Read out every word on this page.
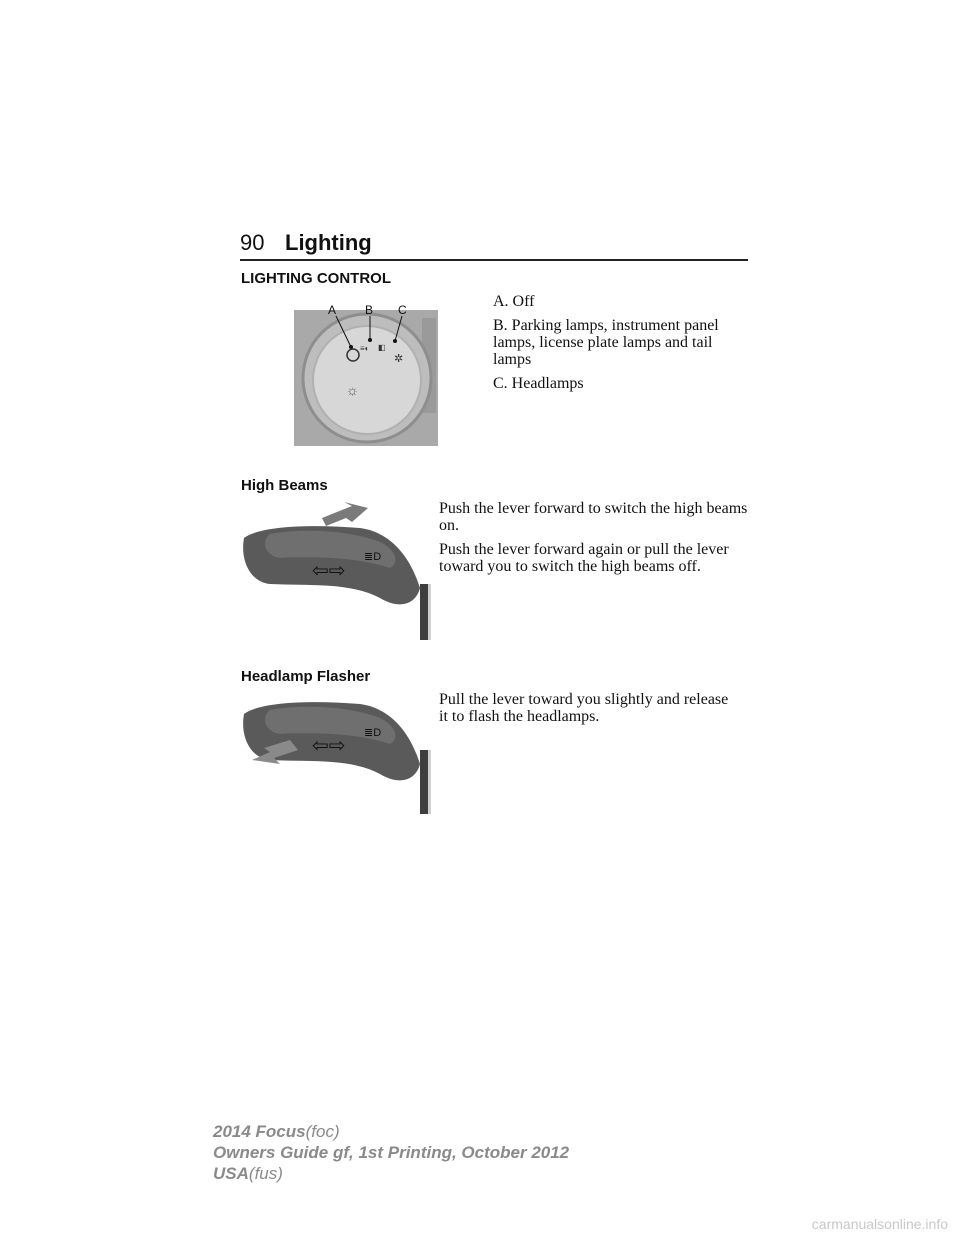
90 Lighting
LIGHTING CONTROL
≡◐ ◧
✲
☼
A B C	A. Off
B. Parking lamps, instrument panel lamps, license plate lamps and tail lamps
C. Headlamps
High Beams
⇦⇨
≣D
Push the lever forward to switch the high beams on.
Push the lever forward again or pull the lever toward you to switch the high beams off.
Headlamp Flasher
⇦⇨
≣D
Pull the lever toward you slightly and release it to flash the headlamps.
2014 Focus(foc)
Owners Guide gf, 1st Printing, October 2012
USA(fus)
carmanualsonline.info
